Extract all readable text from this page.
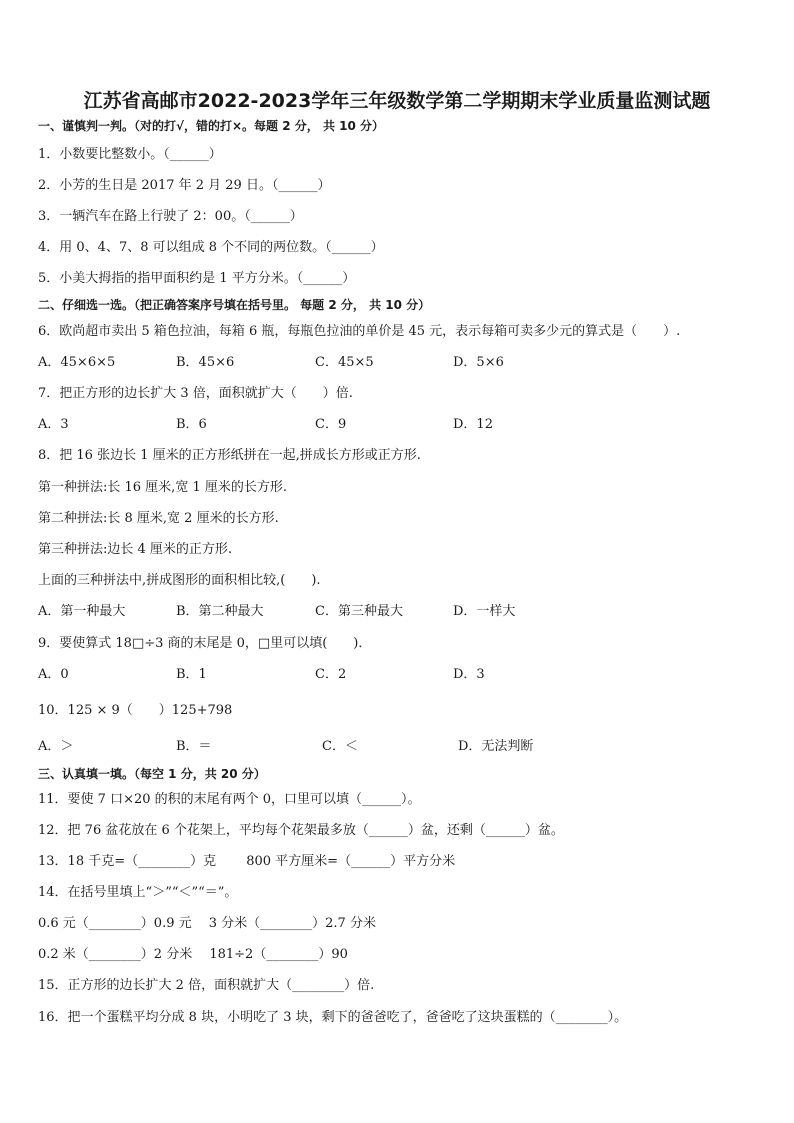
江苏省高邮市2022-2023学年三年级数学第二学期期末学业质量监测试题
一、谨慎判一判。（对的打√，错的打×。每题 2 分， 共 10 分）
1．小数要比整数小。（______）
2．小芳的生日是 2017 年 2 月 29 日。（______）
3．一辆汽车在路上行驶了 2：00。（______）
4．用 0、4、7、8 可以组成 8 个不同的两位数。（______）
5．小美大拇指的指甲面积约是 1 平方分米。（______）
二、仔细选一选。（把正确答案序号填在括号里。 每题 2 分， 共 10 分）
6．欧尚超市卖出 5 箱色拉油，每箱 6 瓶，每瓶色拉油的单价是 45 元，表示每箱可卖多少元的算式是（　　）.
A．45×6×5	B．45×6	C．45×5	D．5×6
7．把正方形的边长扩大 3 倍，面积就扩大（　　）倍.
A．3	B．6	C．9	D．12
8．把 16 张边长 1 厘米的正方形纸拼在一起,拼成长方形或正方形.
第一种拼法:长 16 厘米,宽 1 厘米的长方形.
第二种拼法:长 8 厘米,宽 2 厘米的长方形.
第三种拼法:边长 4 厘米的正方形.
上面的三种拼法中,拼成图形的面积相比较,(　　).
A．第一种最大	B．第二种最大	C．第三种最大	D．一样大
9．要使算式 18□÷3 商的末尾是 0，□里可以填(　　)．
A．0	B．1	C．2	D．3
10．125 × 9（　　）125+798
A．＞	B．＝	C．＜	D．无法判断
三、认真填一填。（每空 1 分，共 20 分）
11．要使 7 口×20 的积的末尾有两个 0，口里可以填（______）。
12．把 76 盆花放在 6 个花架上，平均每个花架最多放（______）盆，还剩（______）盆。
13．18 千克=（________）克　　 800 平方厘米=（______）平方分米
14．在括号里填上“＞”“＜”“＝”。
0.6 元（________）0.9 元　 3 分米（________）2.7 分米
0.2 米（________）2 分米　 181÷2（________）90
15．正方形的边长扩大 2 倍，面积就扩大（________）倍.
16．把一个蛋糕平均分成 8 块，小明吃了 3 块，剩下的爸爸吃了，爸爸吃了这块蛋糕的（________）。
